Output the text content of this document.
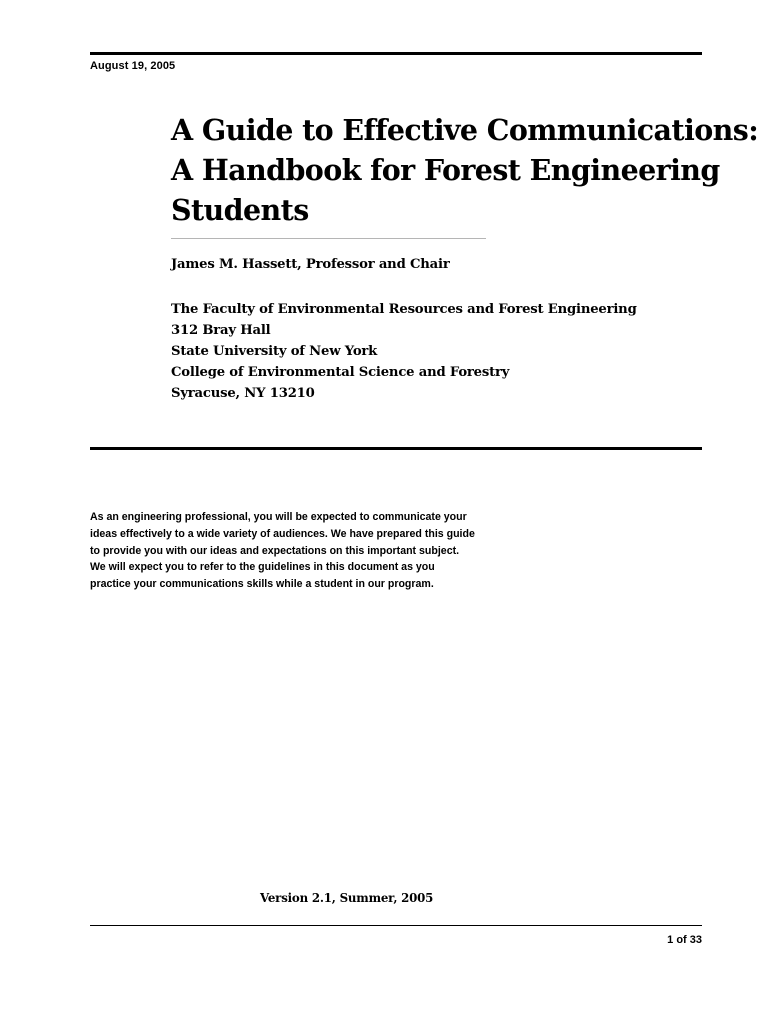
August 19, 2005
A Guide to Effective Communications:
A Handbook for Forest Engineering
Students
James M. Hassett, Professor and Chair
The Faculty of Environmental Resources and Forest Engineering
312 Bray Hall
State University of New York
College of Environmental Science and Forestry
Syracuse, NY 13210
As an engineering professional, you will be expected to communicate your
ideas effectively to a wide variety of audiences. We have prepared this guide
to provide you with our ideas and expectations on this important subject.
We will expect you to refer to the guidelines in this document as you
practice your communications skills while a student in our program.
Version 2.1, Summer, 2005
1 of 33
